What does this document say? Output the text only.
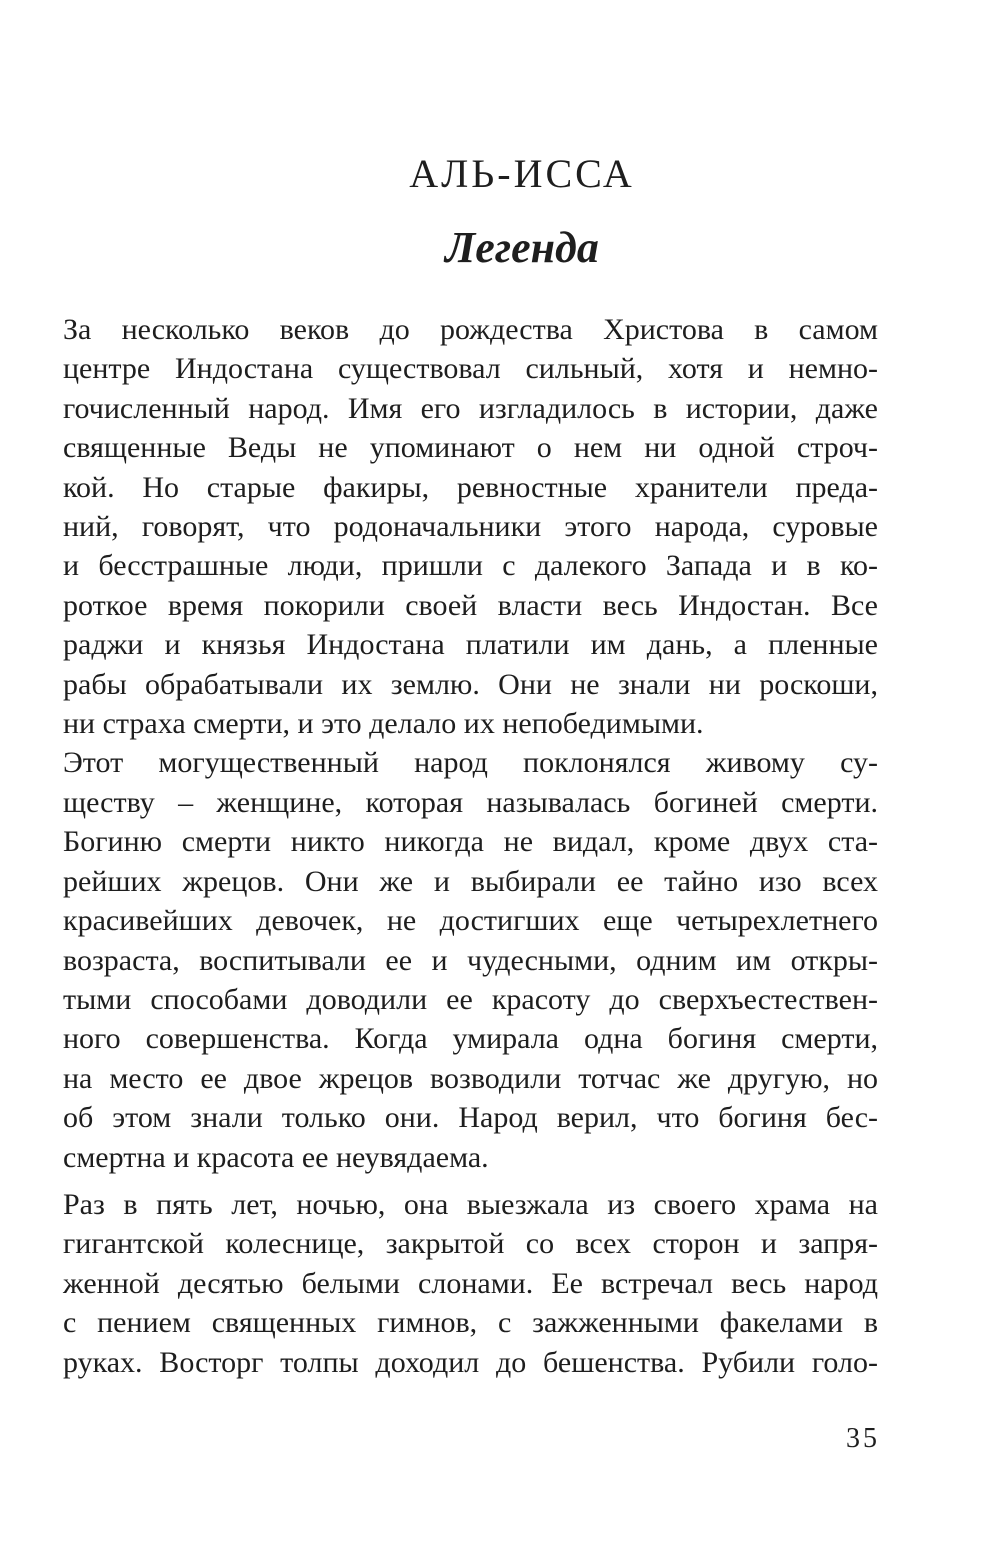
АЛЬ-ИССА
Легенда

За несколько веков до рождества Христова в самом
центре Индостана существовал сильный, хотя и немно-
гочисленный народ. Имя его изгладилось в истории, даже
священные Веды не упоминают о нем ни одной строч-
кой. Но старые факиры, ревностные хранители преда-
ний, говорят, что родоначальники этого народа, суровые
и бесстрашные люди, пришли с далекого Запада и в ко-
роткое время покорили своей власти весь Индостан. Все
раджи и князья Индостана платили им дань, а пленные
рабы обрабатывали их землю. Они не знали ни роскоши,
ни страха смерти, и это делало их непобедимыми.

Этот могущественный народ поклонялся живому су-
ществу – женщине, которая называлась богиней смерти.
Богиню смерти никто никогда не видал, кроме двух ста-
рейших жрецов. Они же и выбирали ее тайно изо всех
красивейших девочек, не достигших еще четырехлетнего
возраста, воспитывали ее и чудесными, одним им откры-
тыми способами доводили ее красоту до сверхъестествен-
ного совершенства. Когда умирала одна богиня смерти,
на место ее двое жрецов возводили тотчас же другую, но
об этом знали только они. Народ верил, что богиня бес-
смертна и красота ее неувядаема.

Раз в пять лет, ночью, она выезжала из своего храма на
гигантской колеснице, закрытой со всех сторон и запря-
женной десятью белыми слонами. Ее встречал весь народ
с пением священных гимнов, с зажженными факелами в
руках. Восторг толпы доходил до бешенства. Рубили голо-

35
